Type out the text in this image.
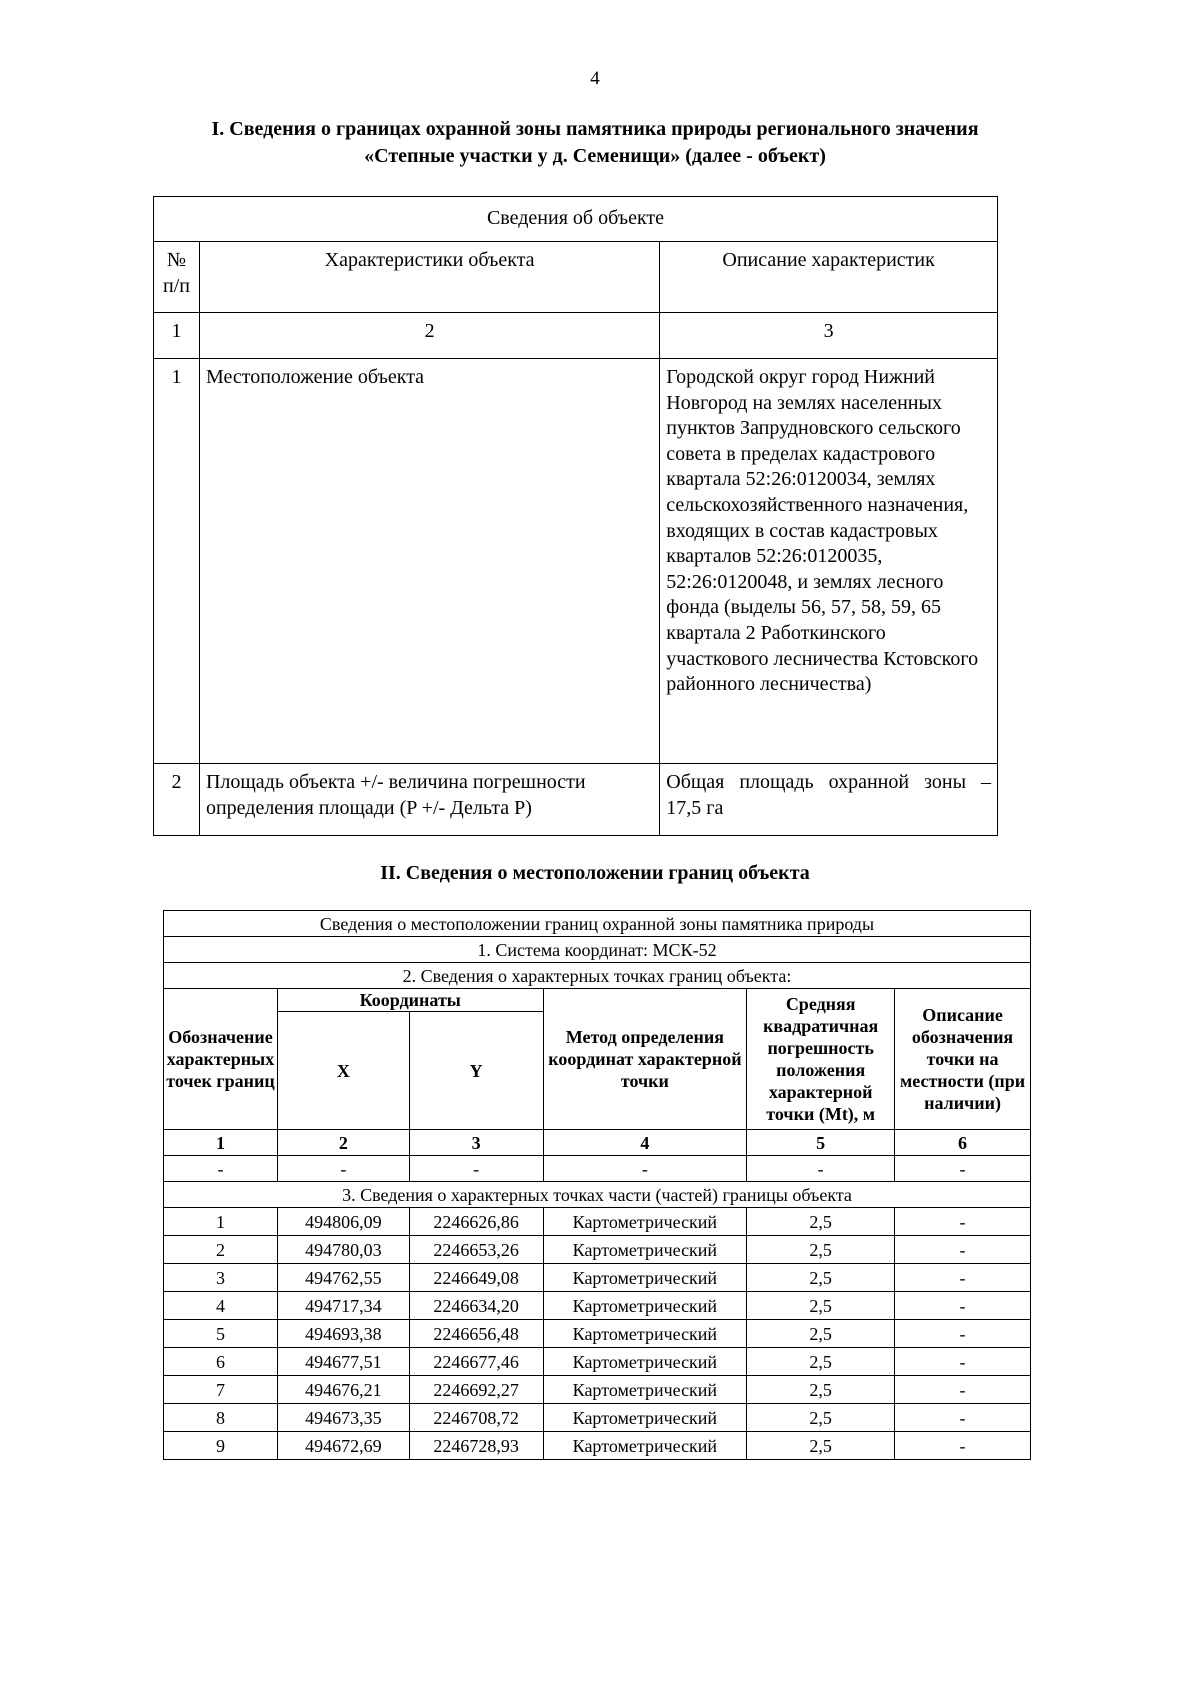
4
I. Сведения о границах охранной зоны памятника природы регионального значения
«Степные участки у д. Семенищи» (далее - объект)
Сведения об объекте		
№ п/п	Характеристики объекта	Описание характеристик
1	2	3
1	Местоположение объекта	Городской округ город Нижний Новгород на землях населенных пунктов Запрудновского сельского совета в пределах кадастрового квартала 52:26:0120034, землях сельскохозяйственного назначения, входящих в состав кадастровых кварталов 52:26:0120035, 52:26:0120048, и землях лесного фонда (выделы 56, 57, 58, 59, 65 квартала 2 Работкинского участкового лесничества Кстовского районного лесничества)
2	Площадь объекта +/- величина погрешности определения площади (P +/- Дельта P)	Общая площадь охранной зоны – 17,5 га
II. Сведения о местоположении границ объекта
Сведения о местоположении границ охранной зоны памятника природы					
1. Система координат: МСК-52					
2. Сведения о характерных точках границ объекта:					
Обозначение характерных точек границ	Координаты		Метод определения координат характерной точки	Средняя квадратичная погрешность положения характерной точки (Mt), м	Описание обозначения точки на местности (при наличии)
	X	Y			
1	2	3	4	5	6
-	-	-	-	-	-
3. Сведения о характерных точках части (частей) границы объекта					
1	494806,09	2246626,86	Картометрический	2,5	-
2	494780,03	2246653,26	Картометрический	2,5	-
3	494762,55	2246649,08	Картометрический	2,5	-
4	494717,34	2246634,20	Картометрический	2,5	-
5	494693,38	2246656,48	Картометрический	2,5	-
6	494677,51	2246677,46	Картометрический	2,5	-
7	494676,21	2246692,27	Картометрический	2,5	-
8	494673,35	2246708,72	Картометрический	2,5	-
9	494672,69	2246728,93	Картометрический	2,5	-
